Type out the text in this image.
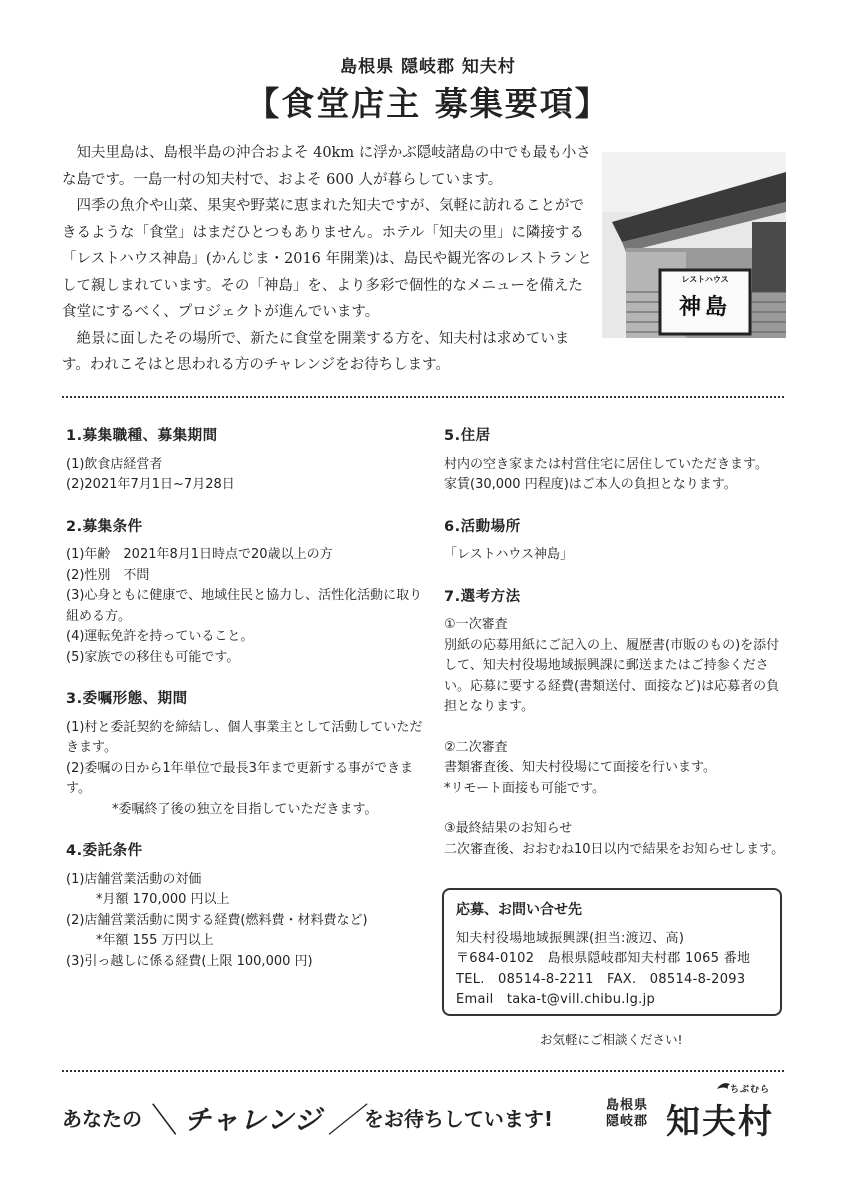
島根県 隠岐郡 知夫村
【食堂店主 募集要項】

知夫里島は、島根半島の沖合およそ 40km に浮かぶ隠岐諸島の中でも最も小さな島です。一島一村の知夫村で、およそ 600 人が暮らしています。

四季の魚介や山菜、果実や野菜に恵まれた知夫ですが、気軽に訪れることができるような「食堂」はまだひとつもありません。ホテル「知夫の里」に隣接する「レストハウス神島」(かんじま・2016 年開業)は、島民や観光客のレストランとして親しまれています。その「神島」を、より多彩で個性的なメニューを備えた食堂にするべく、プロジェクトが進んでいます。

絶景に面したその場所で、新たに食堂を開業する方を、知夫村は求めています。われこそはと思われる方のチャレンジをお待ちします。

レストハウス
神島
1.募集職種、募集期間

(1)飲食店経営者

(2)2021年7月1日~7月28日

2.募集条件

(1)年齢　2021年8月1日時点で20歳以上の方

(2)性別　不問

(3)心身ともに健康で、地域住民と協力し、活性化活動に取り組める方。

(4)運転免許を持っていること。

(5)家族での移住も可能です。

3.委嘱形態、期間

(1)村と委託契約を締結し、個人事業主として活動していただきます。

(2)委嘱の日から1年単位で最長3年まで更新する事ができます。

*委嘱終了後の独立を目指していただきます。

4.委託条件

(1)店舗営業活動の対価

*月額 170,000 円以上

(2)店舗営業活動に関する経費(燃料費・材料費など)

*年額 155 万円以上

(3)引っ越しに係る経費(上限 100,000 円)

5.住居

村内の空き家または村営住宅に居住していただきます。

家賃(30,000 円程度)はご本人の負担となります。

6.活動場所

「レストハウス神島」

7.選考方法

①一次審査

別紙の応募用紙にご記入の上、履歴書(市販のもの)を添付して、知夫村役場地域振興課に郵送またはご持参ください。応募に要する経費(書類送付、面接など)は応募者の負担となります。

②二次審査

書類審査後、知夫村役場にて面接を行います。

*リモート面接も可能です。

③最終結果のお知らせ

二次審査後、おおむね10日以内で結果をお知らせします。

応募、お問い合せ先

知夫村役場地域振興課(担当:渡辺、高)

〒684-0102　島根県隠岐郡知夫村郡 1065 番地

TEL.　08514-8-2211　FAX.　08514-8-2093

Email　taka-t@vill.chibu.lg.jp

お気軽にご相談ください!
あなたの ＼ チャレンジ ／ をお待ちしています!
島根県
隠岐郡 知夫村
ちぶむら
